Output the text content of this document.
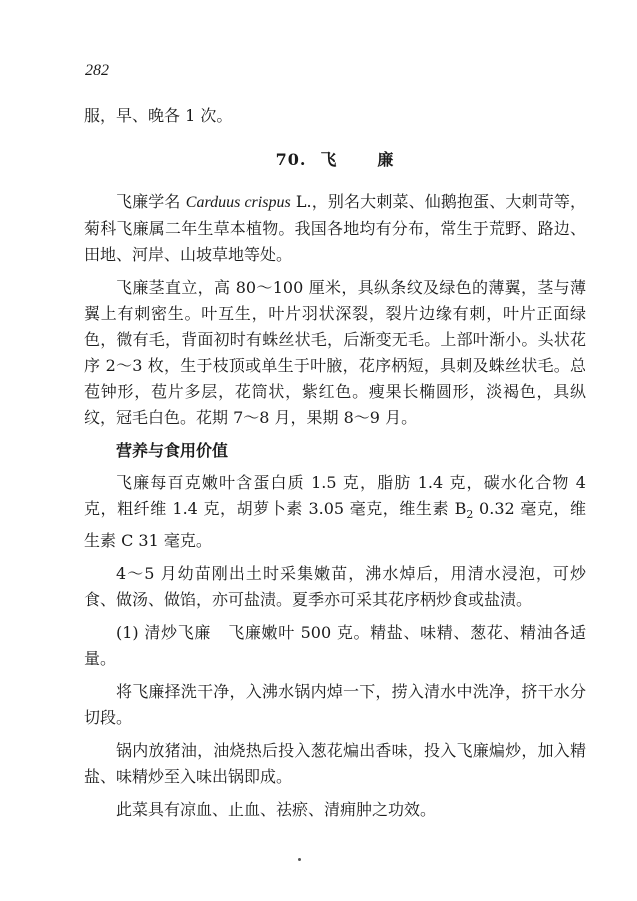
282

服，早、晚各 1 次。

70. 飞	廉

飞廉学名 Carduus crispus L.，别名大刺菜、仙鹅抱蛋、大刺苛等，菊科飞廉属二年生草本植物。我国各地均有分布，常生于荒野、路边、田地、河岸、山坡草地等处。

飞廉茎直立，高 80～100 厘米，具纵条纹及绿色的薄翼，茎与薄翼上有刺密生。叶互生，叶片羽状深裂，裂片边缘有刺，叶片正面绿色，微有毛，背面初时有蛛丝状毛，后渐变无毛。上部叶渐小。头状花序 2～3 枚，生于枝顶或单生于叶腋，花序柄短，具刺及蛛丝状毛。总苞钟形，苞片多层，花筒状，紫红色。瘦果长椭圆形，淡褐色，具纵纹，冠毛白色。花期 7～8 月，果期 8～9 月。

营养与食用价值

飞廉每百克嫩叶含蛋白质 1.5 克，脂肪 1.4 克，碳水化合物 4 克，粗纤维 1.4 克，胡萝卜素 3.05 毫克，维生素 $B_2$ 0.32 毫克，维生素 C 31 毫克。

4～5 月幼苗刚出土时采集嫩苗，沸水焯后，用清水浸泡，可炒食、做汤、做馅，亦可盐渍。夏季亦可采其花序柄炒食或盐渍。

(1) 清炒飞廉 飞廉嫩叶 500 克。精盐、味精、葱花、精油各适量。

将飞廉择洗干净，入沸水锅内焯一下，捞入清水中洗净，挤干水分切段。

锅内放猪油，油烧热后投入葱花煸出香味，投入飞廉煸炒，加入精盐、味精炒至入味出锅即成。

此菜具有凉血、止血、祛瘀、清痈肿之功效。
